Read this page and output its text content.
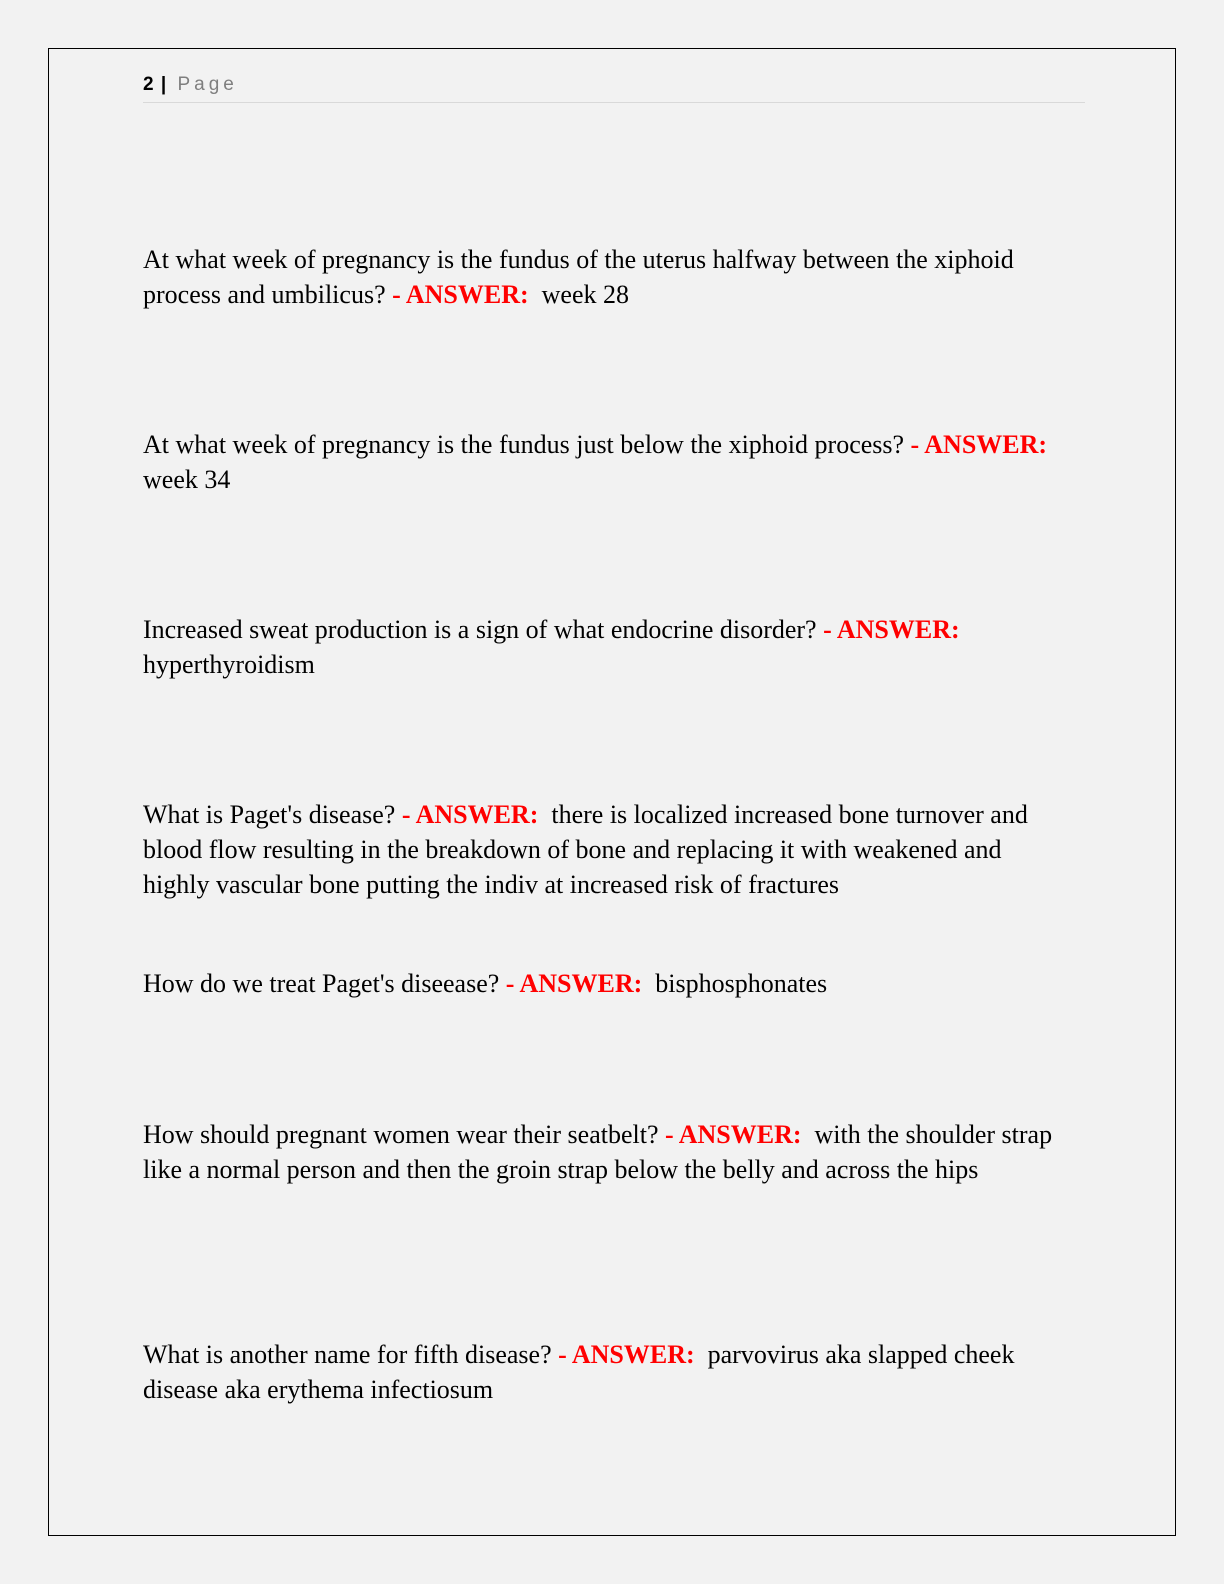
2 | Page

At what week of pregnancy is the fundus of the uterus halfway between the xiphoid process and umbilicus? - ANSWER: week 28

At what week of pregnancy is the fundus just below the xiphoid process? - ANSWER:  week 34

Increased sweat production is a sign of what endocrine disorder? - ANSWER: hyperthyroidism

What is Paget's disease? - ANSWER: there is localized increased bone turnover and blood flow resulting in the breakdown of bone and replacing it with weakened and highly vascular bone putting the indiv at increased risk of fractures

How do we treat Paget's diseease? - ANSWER: bisphosphonates

How should pregnant women wear their seatbelt? - ANSWER: with the shoulder strap like a normal person and then the groin strap below the belly and across the hips

What is another name for fifth disease? - ANSWER: parvovirus aka slapped cheek disease aka erythema infectiosum
